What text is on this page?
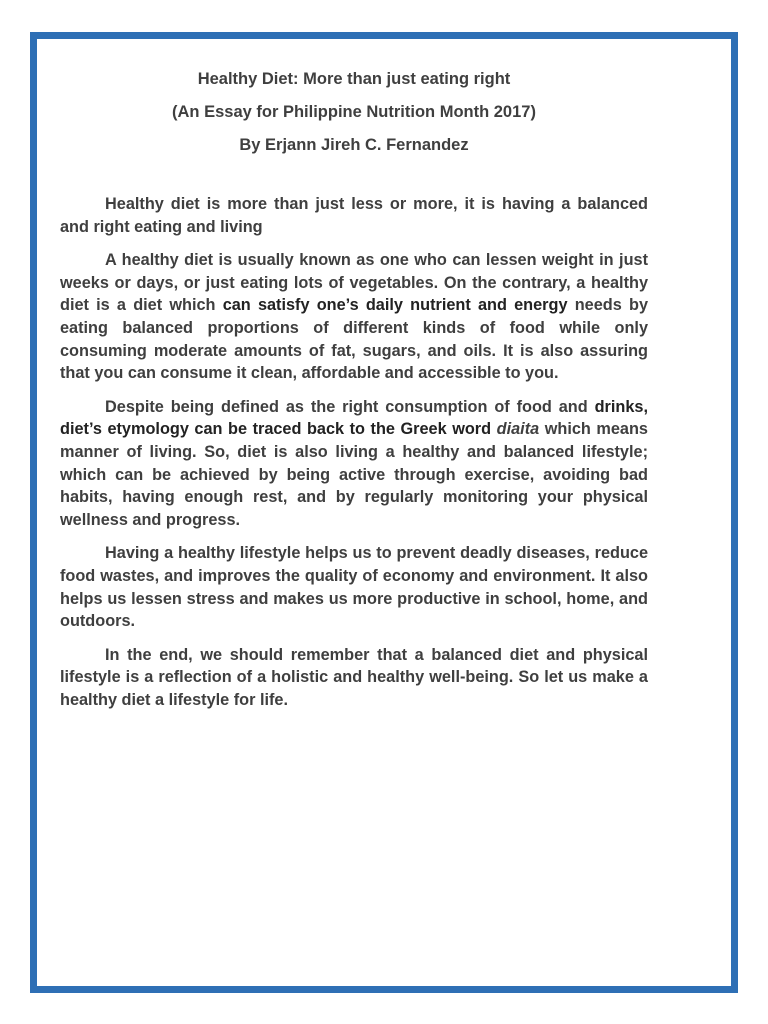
Healthy Diet: More than just eating right
(An Essay for Philippine Nutrition Month 2017)
By Erjann Jireh C. Fernandez

Healthy diet is more than just less or more, it is having a balanced and right eating and living

A healthy diet is usually known as one who can lessen weight in just weeks or days, or just eating lots of vegetables. On the contrary, a healthy diet is a diet which can satisfy one’s daily nutrient and energy needs by eating balanced proportions of different kinds of food while only consuming moderate amounts of fat, sugars, and oils. It is also assuring that you can consume it clean, affordable and accessible to you.

Despite being defined as the right consumption of food and drinks, diet’s etymology can be traced back to the Greek word diaita which means manner of living. So, diet is also living a healthy and balanced lifestyle; which can be achieved by being active through exercise, avoiding bad habits, having enough rest, and by regularly monitoring your physical wellness and progress.

Having a healthy lifestyle helps us to prevent deadly diseases, reduce food wastes, and improves the quality of economy and environment. It also helps us lessen stress and makes us more productive in school, home, and outdoors.

In the end, we should remember that a balanced diet and physical lifestyle is a reflection of a holistic and healthy well-being. So let us make a healthy diet a lifestyle for life.
